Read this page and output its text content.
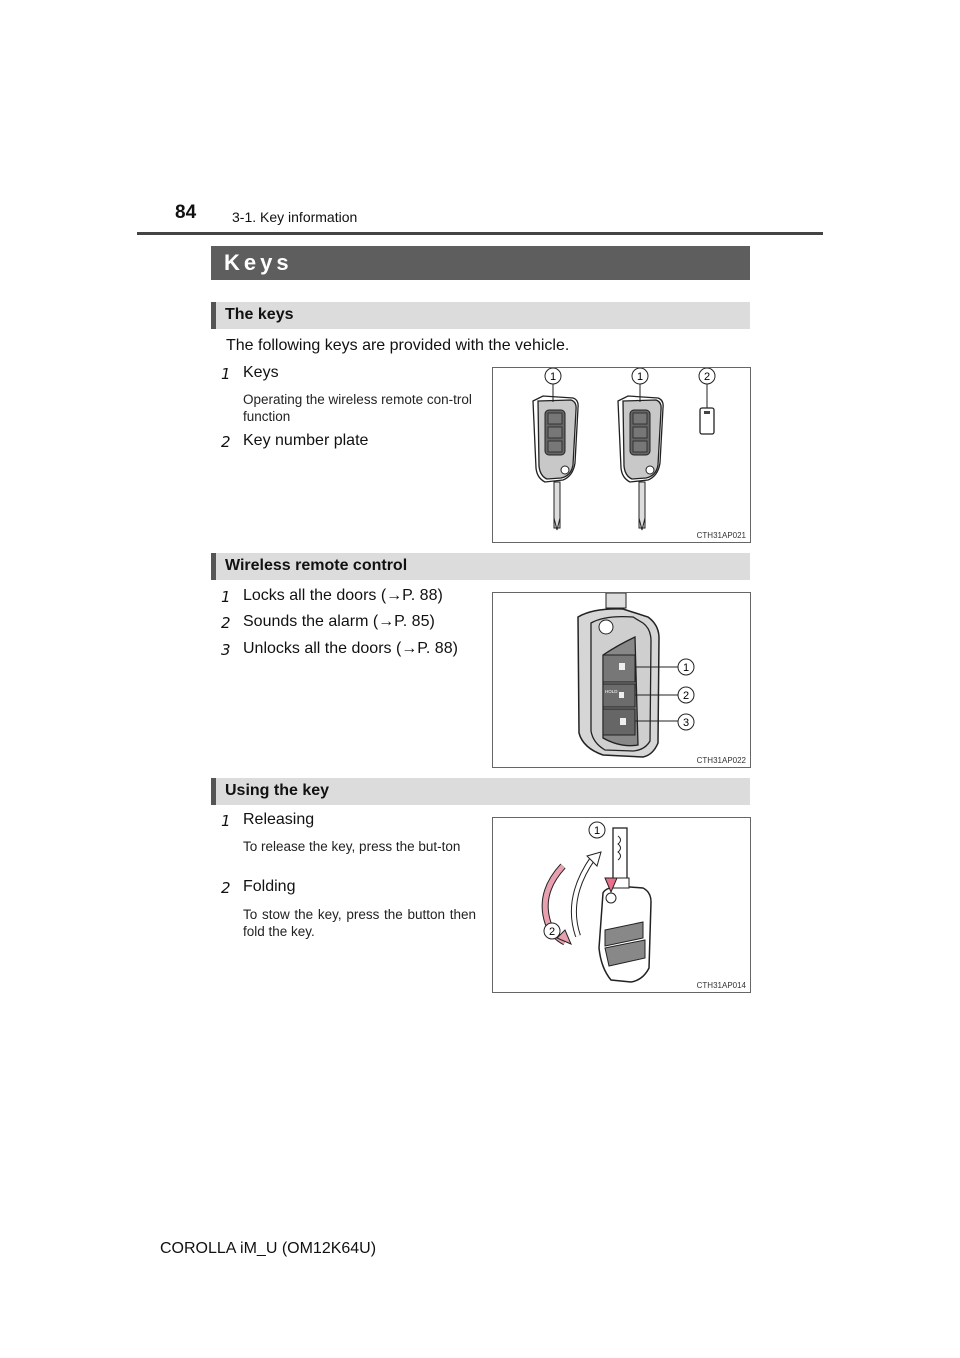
84	3-1. Key information
Keys
The keys
The following keys are provided with the vehicle.
1 Keys
Operating the wireless remote con-trol function
2 Key number plate
1	1	2
CTH31AP021
Wireless remote control
1 Locks all the doors (→P. 88)
2 Sounds the alarm (→P. 85)
3 Unlocks all the doors (→P. 88)
HOLD
1
2
3
CTH31AP022
Using the key
1 Releasing
To release the key, press the but-ton
2 Folding
To stow the key, press the button then fold the key.
1
2
CTH31AP014
COROLLA iM_U (OM12K64U)
